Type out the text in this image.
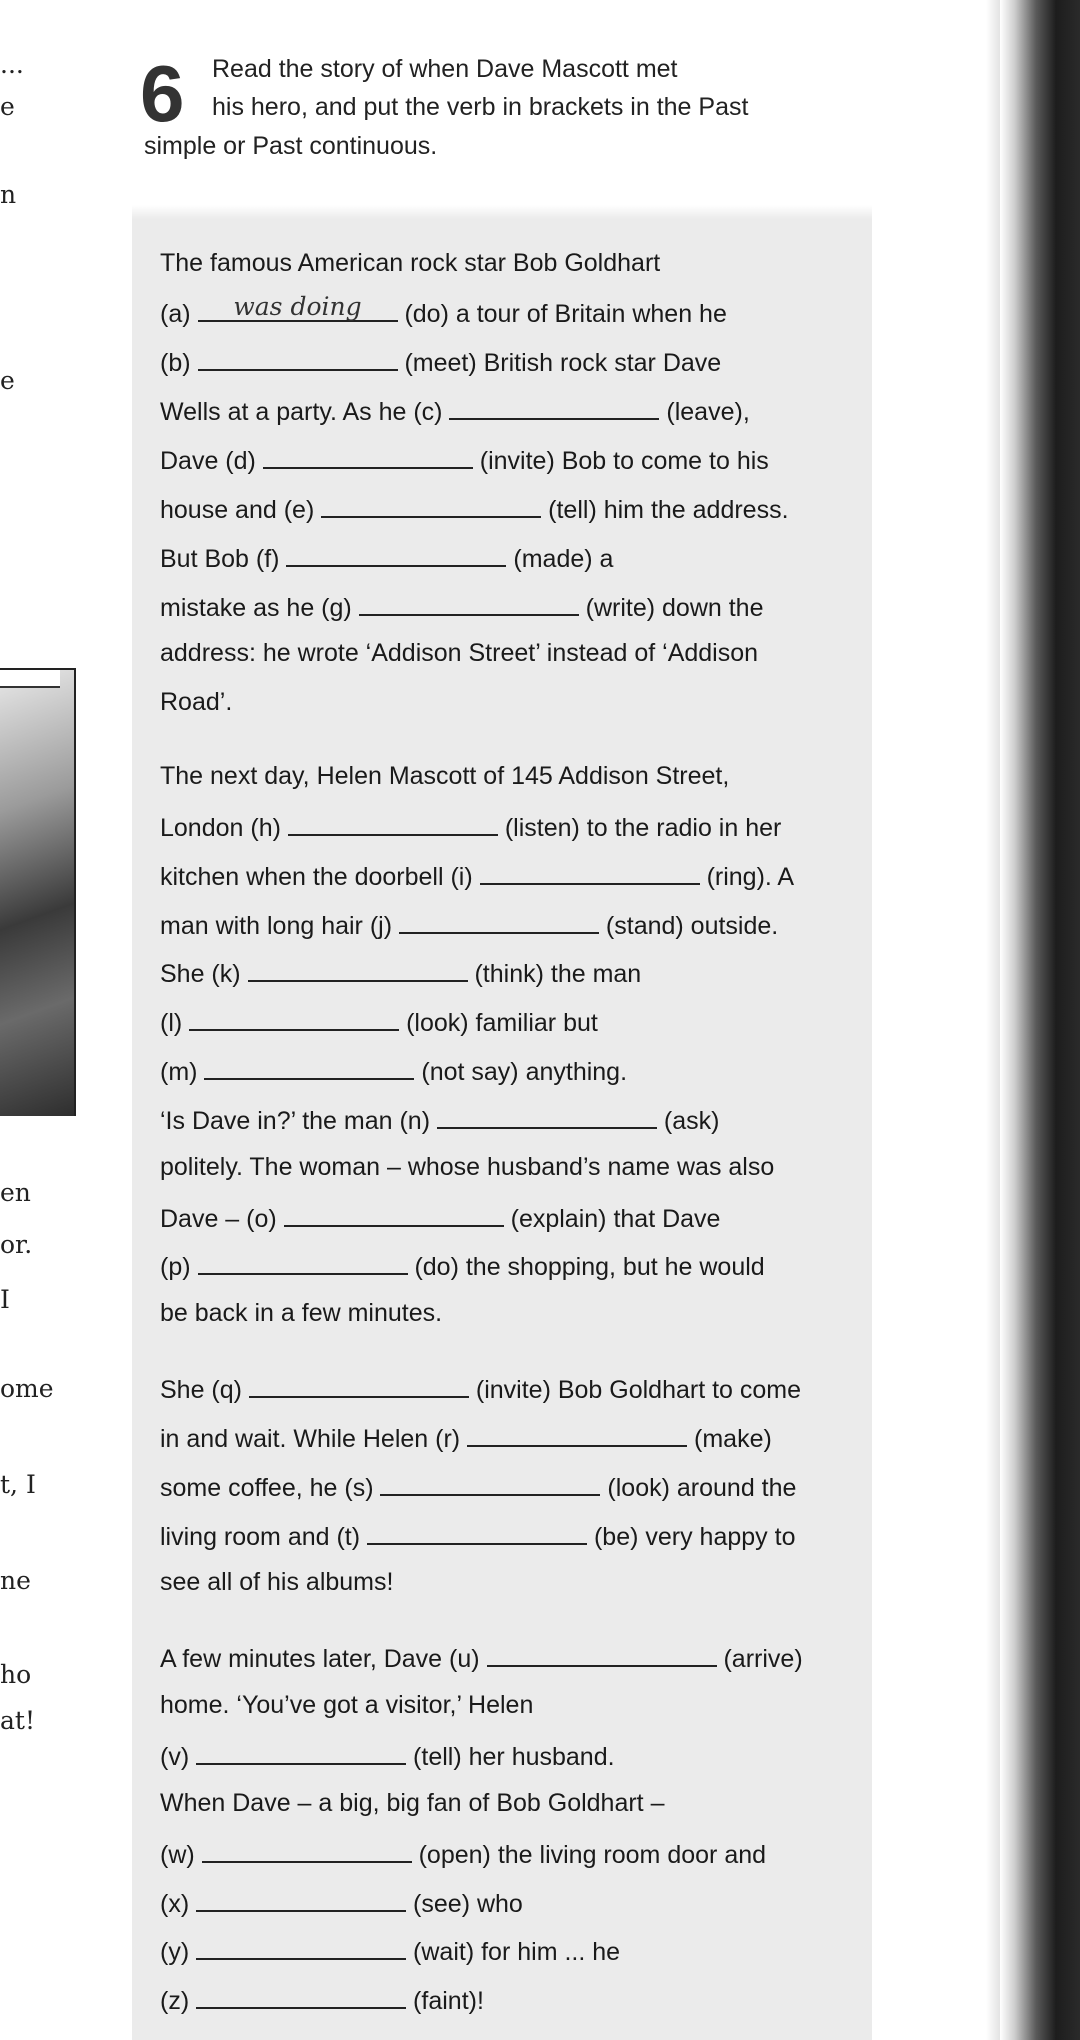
...
e
n
e
en
or.
I
ome
t, I
ne
ho
at!
6 Read the story of when Dave Mascott met
his hero, and put the verb in brackets in the Past
simple or Past continuous.
The famous American rock star Bob Goldhart
(a)	was doing	(do) a tour of Britain when he
(b)	(meet) British rock star Dave
Wells at a party. As he (c)	(leave),
Dave (d)	(invite) Bob to come to his
house and (e)	(tell) him the address.
But Bob (f)	(made) a
mistake as he (g)	(write) down the
address: he wrote ‘Addison Street’ instead of ‘Addison
Road’.
The next day, Helen Mascott of 145 Addison Street,
London (h)	(listen) to the radio in her
kitchen when the doorbell (i)	(ring). A
man with long hair (j)	(stand) outside.
She (k)	(think) the man
(l)	(look) familiar but
(m)	(not say) anything.
‘Is Dave in?’ the man (n)	(ask)
politely. The woman – whose husband’s name was also
Dave – (o)	(explain) that Dave
(p)	(do) the shopping, but he would
be back in a few minutes.
She (q)	(invite) Bob Goldhart to come
in and wait. While Helen (r)	(make)
some coffee, he (s)	(look) around the
living room and (t)	(be) very happy to
see all of his albums!
A few minutes later, Dave (u)	(arrive)
home. ‘You’ve got a visitor,’ Helen
(v)	(tell) her husband.
When Dave – a big, big fan of Bob Goldhart –
(w)	(open) the living room door and
(x)	(see) who
(y)	(wait) for him ... he
(z)	(faint)!
